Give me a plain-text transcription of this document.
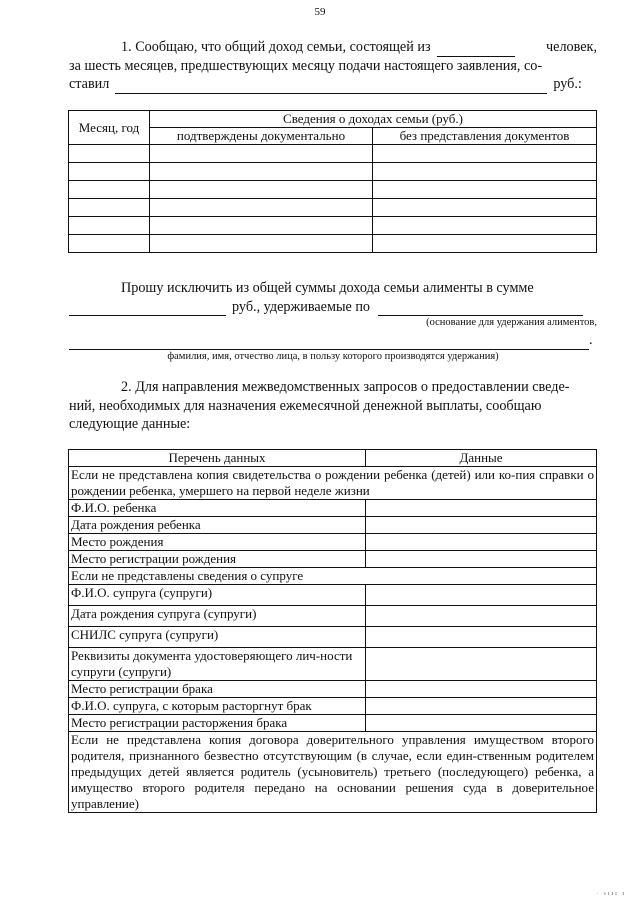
59
1. Сообщаю, что общий доход семьи, состоящей из	человек,
за шесть месяцев, предшествующих месяцу подачи настоящего заявления, со-
ставил	руб.:
Месяц, год	Сведения о доходах семьи (руб.)	
	подтверждены документально	без представления документов

Прошу исключить из общей суммы дохода семьи алименты в сумме
руб., удерживаемые по
(основание для удержания алиментов,
.
фамилия, имя, отчество лица, в пользу которого производятся удержания)
2. Для направления межведомственных запросов о предоставлении сведе-
ний, необходимых для назначения ежемесячной денежной выплаты, сообщаю
следующие данные:
Перечень данных	Данные
Если не представлена копия свидетельства о рождении ребенка (детей) или ко-пия справки о рождении ребенка, умершего на первой неделе жизни	
Ф.И.О. ребенка	
Дата рождения ребенка	
Место рождения	
Место регистрации рождения	
Если не представлены сведения о супруге	
Ф.И.О. супруга (супруги)	
Дата рождения супруга (супруги)	
СНИЛС супруга (супруги)	
Реквизиты документа удостоверяющего лич-ности супруги (супруги)	
Место регистрации брака	
Ф.И.О. супруга, с которым расторгнут брак	
Место регистрации расторжения брака	
Если не представлена копия договора доверительного управления имуществом второго родителя, признанного безвестно отсутствующим (в случае, если един-ственным родителем предыдущих детей является родитель (усыновитель) третьего (последующего) ребенка, а имущество второго родителя передано на основании решения суда в доверительное управление)	
· ıııı ı
